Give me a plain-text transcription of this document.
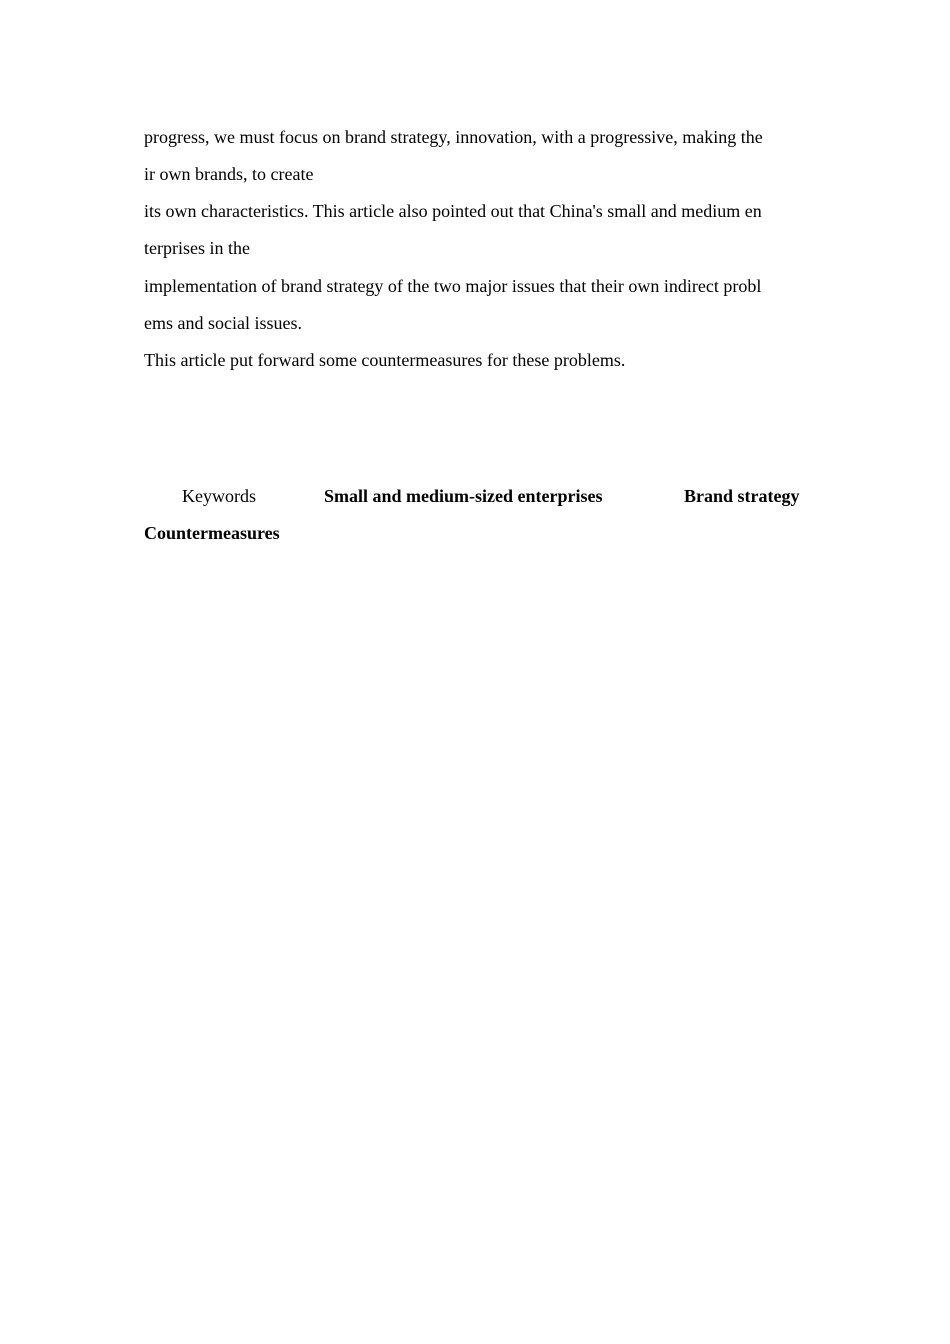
progress, we must focus on brand strategy, innovation, with a progressive, making the
ir own brands, to create
its own characteristics. This article also pointed out that China's small and medium en
terprises in the
implementation of brand strategy of the two major issues that their own indirect probl
ems and social issues.
This article put forward some countermeasures for these problems.
Keywords	Small and medium-sized enterprises	Brand strategy
Countermeasures
